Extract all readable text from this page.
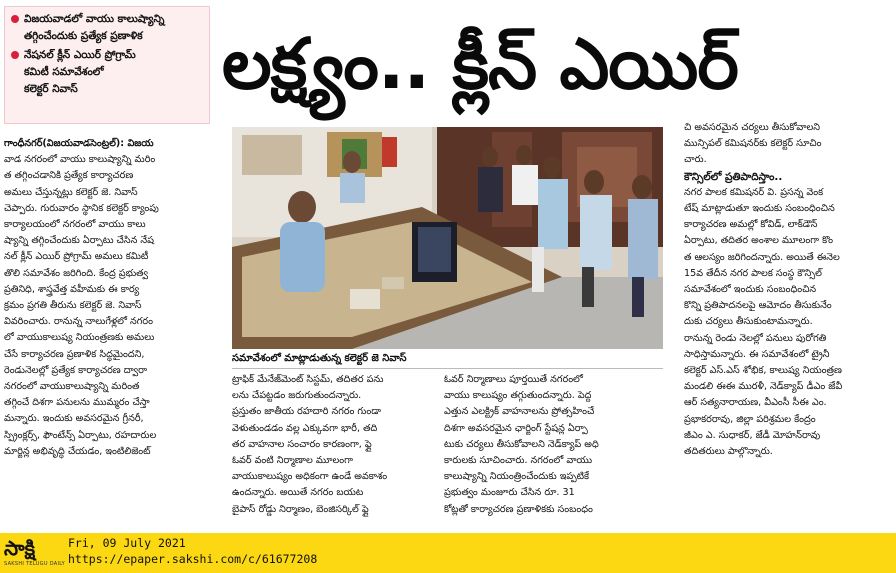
విజయవాడలో వాయు కాలుష్యాన్ని
తగ్గించేందుకు ప్రత్యేక ప్రణాళిక
నేషనల్ క్లీన్ ఎయిర్ ప్రోగ్రామ్
కమిటీ సమావేశంలో
కలెక్టర్ నివాస్	లక్ష్యం.. క్లీన్ ఎయిర్
గాంధీనగర్(విజయవాడసెంట్రల్): విజయ
వాడ నగరంలో వాయు కాలుష్యాన్ని మరిం
త తగ్గించడానికి ప్రత్యేక కార్యాచరణ
అమలు చేస్తున్నట్లు కలెక్టర్ జె. నివాస్
చెప్పారు. గురువారం స్థానిక కలెక్టర్ క్యాంపు
కార్యాలయంలో నగరంలో వాయు కాలు
ష్యాన్ని తగ్గించేందుకు ఏర్పాటు చేసిన నేష
నల్ క్లీన్ ఎయిర్ ప్రోగ్రామ్ అమలు కమిటీ
తొలి సమావేశం జరిగింది. కేంద్ర ప్రభుత్వ
ప్రతినిధి, శాస్త్రవేత్త వహీమకు ఈ కార్య
క్రమం ప్రగతి తీరును కలెక్టర్ జె. నివాస్
వివరించారు. రానున్న నాలుగేళ్లలో నగరం
లో వాయుకాలుష్య నియంత్రణకు అమలు
చేసే కార్యాచరణ ప్రణాళిక సిద్ధమైందని,
రెండునెలల్లో ప్రత్యేక కార్యాచరణ ద్వారా
నగరంలో వాయుకాలుష్యాన్ని మరింత
తగ్గించే దిశగా పనులను ముమ్మరం చేస్తా
మన్నారు. ఇందుకు అవసరమైన గ్రీనరీ,
స్ప్రింక్లర్స్, ఫౌంటేన్స్ ఏర్పాటు, రహదారుల
మార్జిన్ల అభివృద్ధి చేయడం, ఇంటిలిజెంట్
సమావేశంలో మాట్లాడుతున్న కలెక్టర్ జె నివాస్
ట్రాఫిక్ మేనేజ్‌మెంట్ సిస్టమ్, తదితర పను
లను చేపట్టడం జరుగుతుందన్నారు.
ప్రస్తుతం జాతీయ రహదారి నగరం గుండా
వెళుతుండడం వల్ల ఎక్కువగా భారీ, తది
తర వాహనాల సంచారం కారణంగా, ఫ్లై
ఓవర్ వంటి నిర్మాణాల మూలంగా
వాయుకాలుష్యం అధికంగా ఉండే అవకాశం
ఉందన్నారు. అయితే నగరం బయట
బైపాస్ రోడ్డు నిర్మాణం, బెంజిసర్కిల్ ఫ్లై
ఓవర్ నిర్మాణాలు పూర్తయితే నగరంలో
వాయు కాలుష్యం తగ్గుతుందన్నారు. పెద్ద
ఎత్తున ఎలక్ట్రిక్ వాహనాలను ప్రోత్సహించే
దిశగా అవసరమైన ఛార్జింగ్ స్టేషన్ల ఏర్పా
టుకు చర్యలు తీసుకోవాలని నెడ్‌క్యాప్ అధి
కారులకు సూచించారు. నగరంలో వాయు
కాలుష్యాన్ని నియంత్రించేందుకు ఇప్పటికే
ప్రభుత్వం మంజూరు చేసిన రూ. 31
కోట్లతో కార్యాచరణ ప్రణాళికకు సంబంధం
చి అవసరమైన చర్యలు తీసుకోవాలని
మున్సిపల్ కమిషనర్‌కు కలెక్టర్ సూచిం
చారు.
కౌన్సిల్‌లో ప్రతిపాదిస్తాం..
నగర పాలక కమిషనర్ వి. ప్రసన్న వెంక
టేష్ మాట్లాడుతూ ఇందుకు సంబంధించిన
కార్యాచరణ అమల్లో కోవిడ్, లాక్‌డౌన్
ఏర్పాటు, తదితర అంశాల మూలంగా కొం
త ఆలస్యం జరిగిందన్నారు. అయితే ఈనెల
15వ తేదీన నగర పాలక సంస్థ కౌన్సిల్
సమావేశంలో ఇందుకు సంబంధించిన
కొన్ని ప్రతిపాదనలపై ఆమోదం తీసుకునేం
దుకు చర్యలు తీసుకుంటామన్నారు.
రానున్న రెండు నెలల్లో పనులు పురోగతి
సాధిస్తామన్నారు. ఈ సమావేశంలో ట్రైనీ
కలెక్టర్ ఎస్.ఎస్ శోభిక, కాలుష్య నియంత్రణ
మండలి ఈఈ మురళీ, నెడ్‌క్యాప్ డీఎం జేవీ
ఆర్ సత్యనారాయణ, వీఎంసీ సీఈ ఎం.
ప్రభాకరరావు, జిల్లా పరిశ్రమల కేంద్రం
జీఎం ఎ. సుధాకర్, జేడీ మోహన్‌రావు
తదితరులు పాల్గొన్నారు.
సాక్షి
SAKSHI TELUGU DAILY
Fri, 09 July 2021
https://epaper.sakshi.com/c/61677208
